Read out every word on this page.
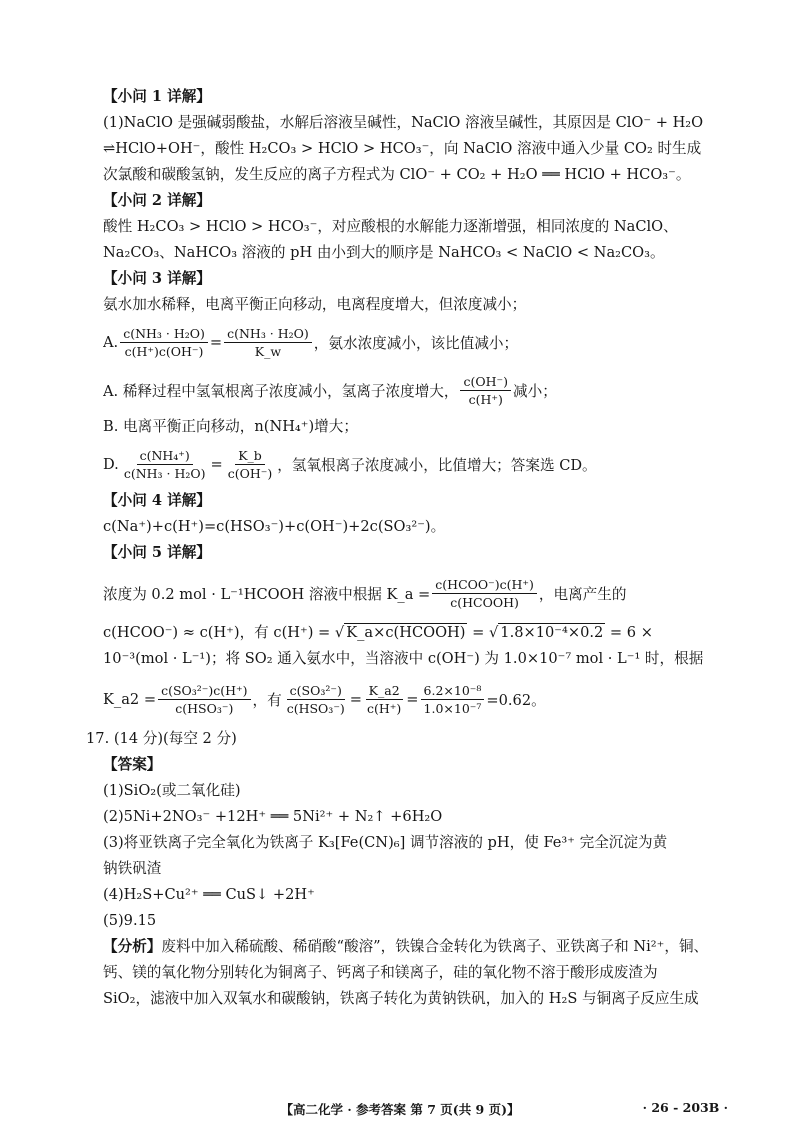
【小问 1 详解】
(1)NaClO 是强碱弱酸盐，水解后溶液呈碱性，NaClO 溶液呈碱性，其原因是 ClO⁻ + H₂O
⇌HClO+OH⁻，酸性 H₂CO₃ > HClO > HCO₃⁻，向 NaClO 溶液中通入少量 CO₂ 时生成
次氯酸和碳酸氢钠，发生反应的离子方程式为 ClO⁻ + CO₂ + H₂O ══ HClO + HCO₃⁻。
【小问 2 详解】
酸性 H₂CO₃ > HClO > HCO₃⁻，对应酸根的水解能力逐渐增强，相同浓度的 NaClO、
Na₂CO₃、NaHCO₃ 溶液的 pH 由小到大的顺序是 NaHCO₃ < NaClO < Na₂CO₃。
【小问 3 详解】
氨水加水稀释，电离平衡正向移动，电离程度增大，但浓度减小；
A. $\frac{\text{c(NH₃ · H₂O)}}{c(H^+)c(OH^-)} = \frac{\text{c(NH₃ · H₂O)}}{K\_w}$ ，氨水浓度减小，该比值减小；
A. 稀释过程中氢氧根离子浓度减小，氢离子浓度增大， $\frac{c(OH^-)}{c(H^+)}$ 减小；
B. 电离平衡正向移动，n(NH₄⁺)增大；
D. $\frac{\text{c(NH₄⁺)}}{\text{c(NH₃ · H₂O)}} = \frac{K\_b}{c(OH^-)}$ ，氢氧根离子浓度减小，比值增大；答案选 CD。
【小问 4 详解】
c(Na⁺)+c(H⁺)=c(HSO₃⁻)+c(OH⁻)+2c(SO₃²⁻)。
【小问 5 详解】
浓度为 0.2 mol · L⁻¹HCOOH 溶液中根据 K_a = $\frac{\text{c(HCOO⁻)c(H⁺)}}{\text{c(HCOOH)}}$ ，电离产生的
c(HCOO⁻) ≈ c(H⁺)，有 c(H⁺) = √ K_a×c(HCOOH) = √ 1.8×10⁻⁴×0.2 = 6 ×
10⁻³(mol · L⁻¹)；将 SO₂ 通入氨水中，当溶液中 c(OH⁻) 为 1.0×10⁻⁷ mol · L⁻¹ 时，根据
K_a2 = $\frac{\text{c(SO₃²⁻)c(H⁺)}}{\text{c(HSO₃⁻)}}$ ，有 $\frac{\text{c(SO₃²⁻)}}{\text{c(HSO₃⁻)}} = \frac{K\_a2}{c(H^+)} = \frac{\text{6.2×10⁻⁸}}{\text{1.0×10⁻⁷}} =0.62$。
17. (14 分)(每空 2 分)
【答案】
(1)SiO₂(或二氧化硅)
(2)5Ni+2NO₃⁻ +12H⁺ ══ 5Ni²⁺ + N₂↑ +6H₂O
(3)将亚铁离子完全氧化为铁离子 K₃[Fe(CN)₆] 调节溶液的 pH，使 Fe³⁺ 完全沉淀为黄
钠铁矾渣
(4)H₂S+Cu²⁺ ══ CuS↓ +2H⁺
(5)9.15
【分析】废料中加入稀硫酸、稀硝酸“酸溶”，铁镍合金转化为铁离子、亚铁离子和 Ni²⁺，铜、
钙、镁的氧化物分别转化为铜离子、钙离子和镁离子，硅的氧化物不溶于酸形成废渣为
SiO₂，滤液中加入双氧水和碳酸钠，铁离子转化为黄钠铁矾，加入的 H₂S 与铜离子反应生成
【高二化学 · 参考答案 第 7 页(共 9 页)】	· 26 - 203B ·
